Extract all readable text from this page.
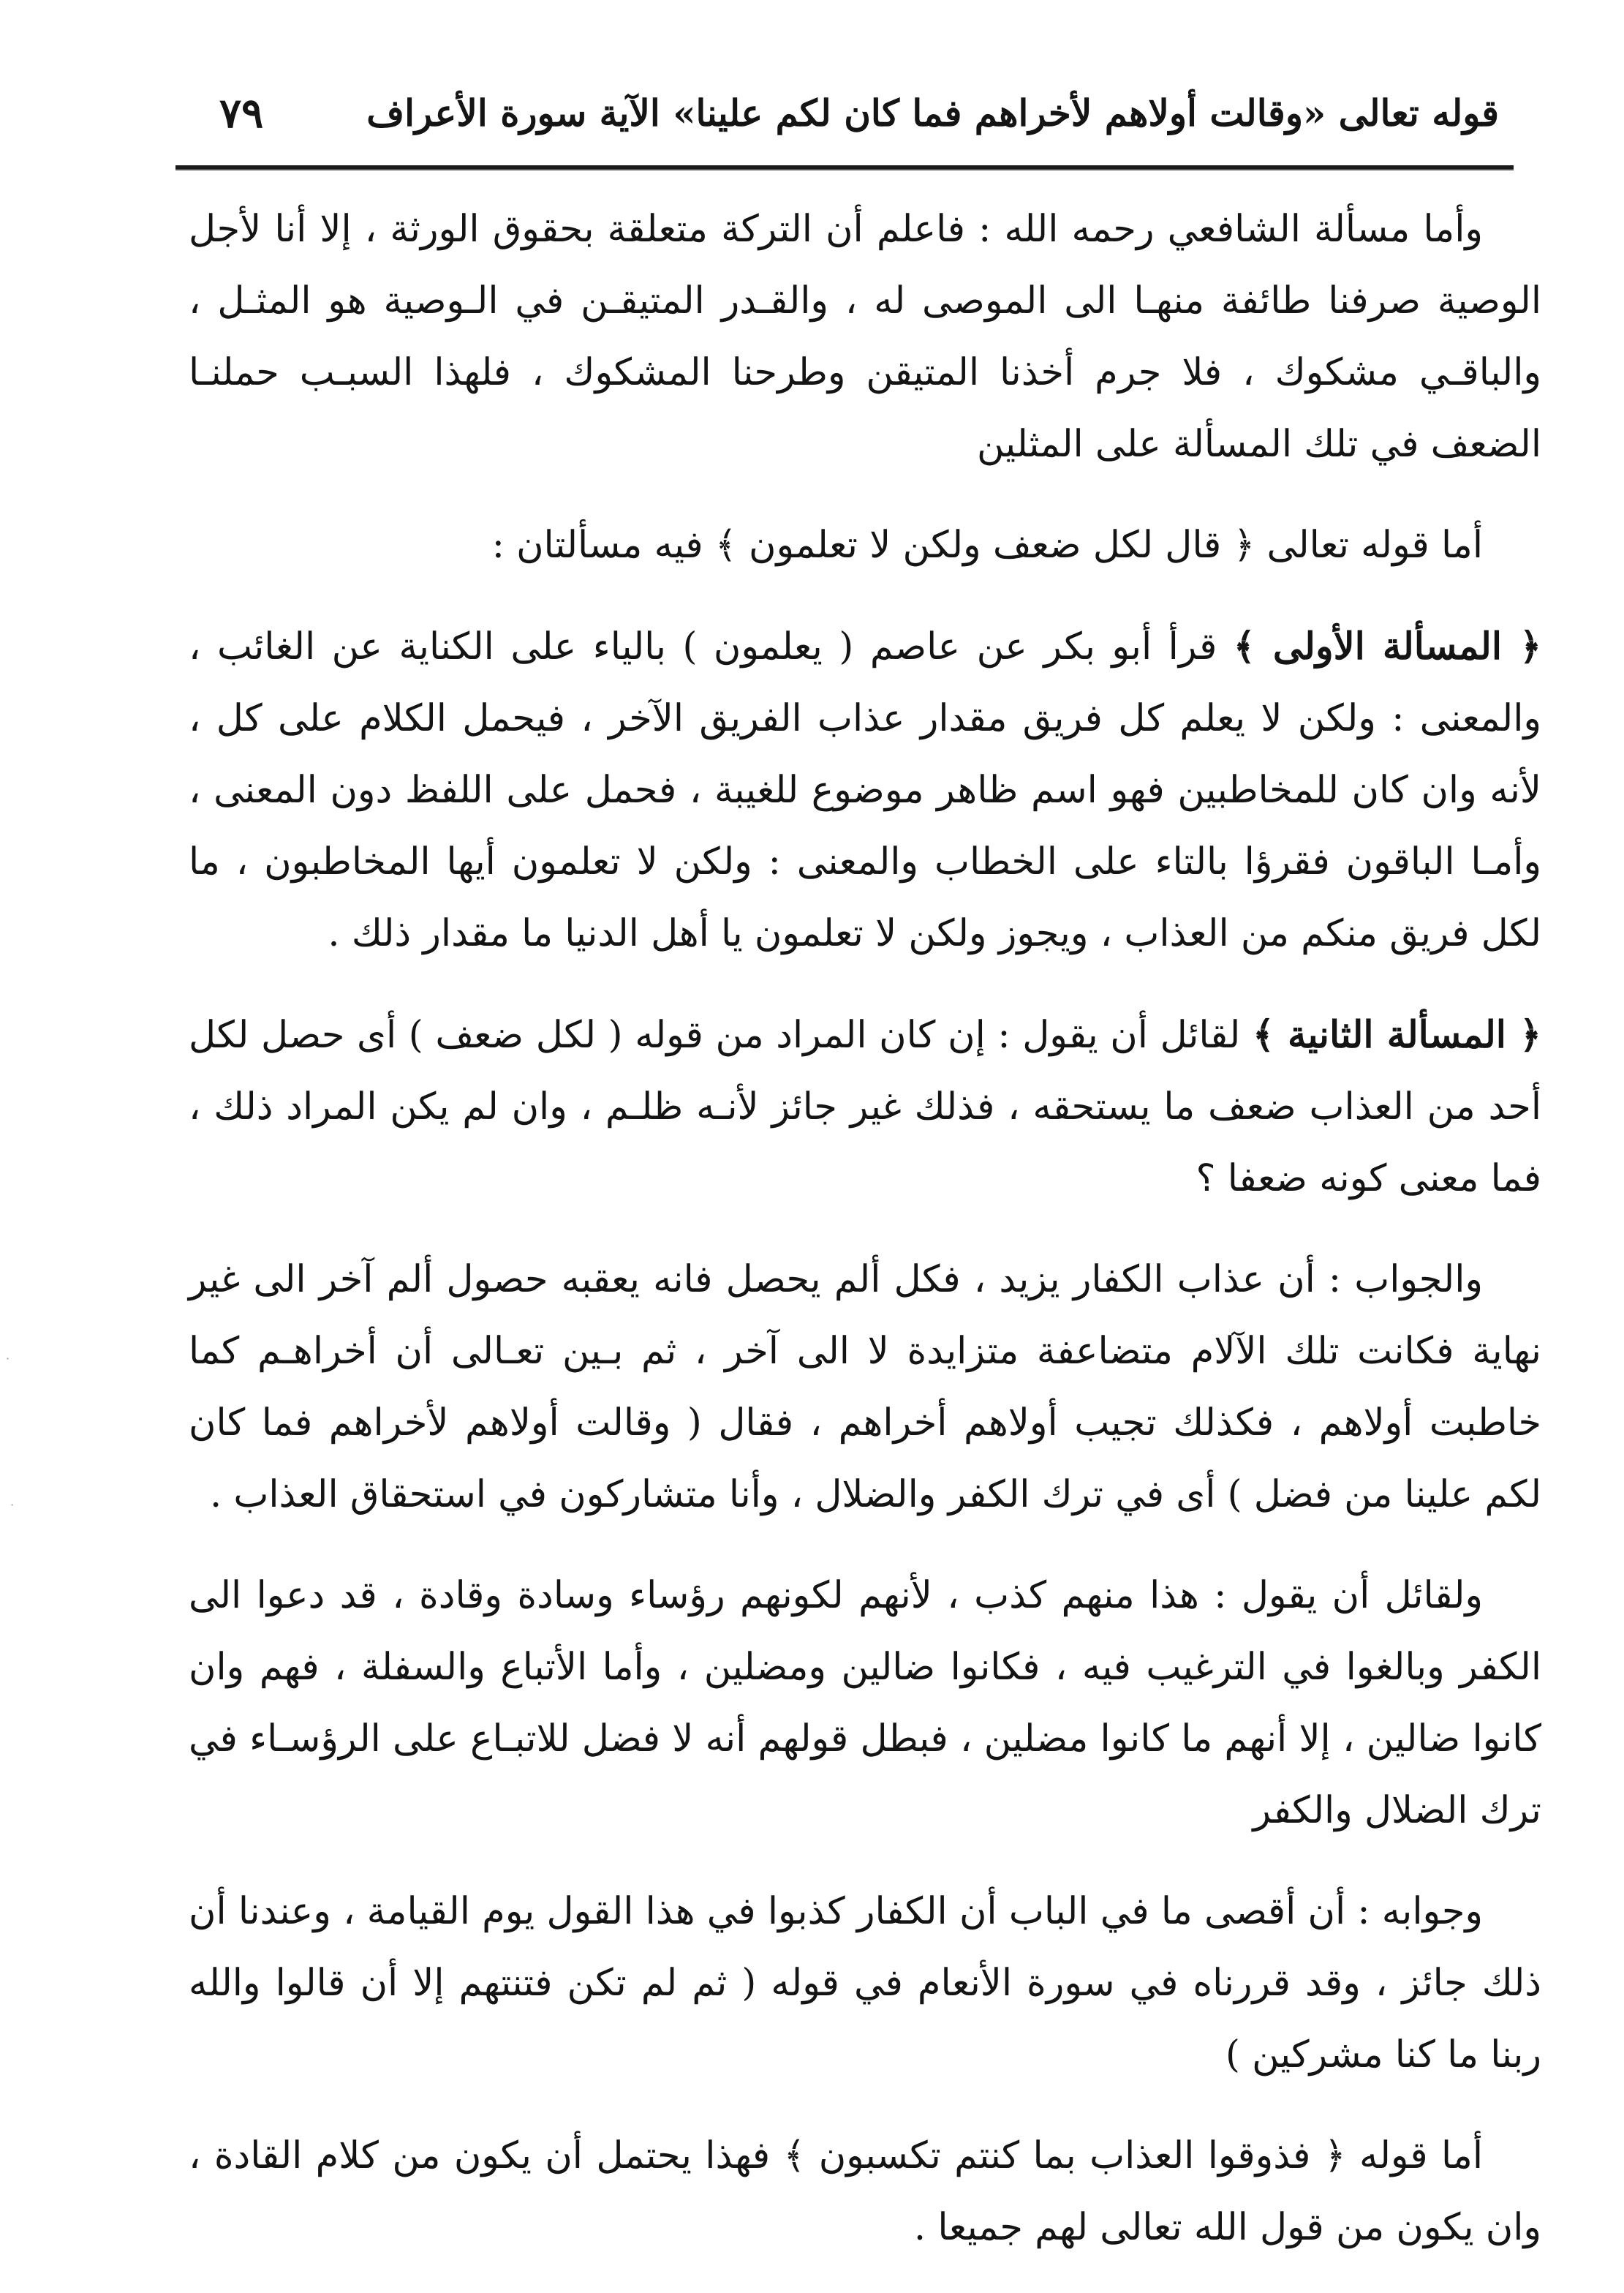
قوله تعالى «وقالت أولاهم لأخراهم فما كان لكم علينا» الآية سورة الأعراف
٧٩

وأما مسألة الشافعي رحمه الله : فاعلم أن التركة متعلقة بحقوق الورثة ، إلا أنا لأجل الوصية صرفنا طائفة منهـا الى الموصى له ، والقـدر المتيقـن في الـوصية هو المثـل ، والباقـي مشكوك ، فلا جرم أخذنا المتيقن وطرحنا المشكوك ، فلهذا السبـب حملنـا الضعف في تلك المسألة على المثلين

أما قوله تعالى ﴿ قال لكل ضعف ولكن لا تعلمون ﴾ فيه مسألتان :

﴿ المسألة الأولى ﴾ قرأ أبو بكر عن عاصم ( يعلمون ) بالياء على الكناية عن الغائب ، والمعنى : ولكن لا يعلم كل فريق مقدار عذاب الفريق الآخر ، فيحمل الكلام على كل ، لأنه وان كان للمخاطبين فهو اسم ظاهر موضوع للغيبة ، فحمل على اللفظ دون المعنى ، وأمـا الباقون فقرؤا بالتاء على الخطاب والمعنى : ولكن لا تعلمون أيها المخاطبون ، ما لكل فريق منكم من العذاب ، ويجوز ولكن لا تعلمون يا أهل الدنيا ما مقدار ذلك .

﴿ المسألة الثانية ﴾ لقائل أن يقول : إن كان المراد من قوله ( لكل ضعف ) أى حصل لكل أحد من العذاب ضعف ما يستحقه ، فذلك غير جائز لأنـه ظلـم ، وان لم يكن المراد ذلك ، فما معنى كونه ضعفا ؟

والجواب : أن عذاب الكفار يزيد ، فكل ألم يحصل فانه يعقبه حصول ألم آخر الى غير نهاية فكانت تلك الآلام متضاعفة متزايدة لا الى آخر ، ثم بـين تعـالى أن أخراهـم كما خاطبت أولاهم ، فكذلك تجيب أولاهم أخراهم ، فقال ( وقالت أولاهم لأخراهم فما كان لكم علينا من فضل ) أى في ترك الكفر والضلال ، وأنا متشاركون في استحقاق العذاب .

ولقائل أن يقول : هذا منهم كذب ، لأنهم لكونهم رؤساء وسادة وقادة ، قد دعوا الى الكفر وبالغوا في الترغيب فيه ، فكانوا ضالين ومضلين ، وأما الأتباع والسفلة ، فهم وان كانوا ضالين ، إلا أنهم ما كانوا مضلين ، فبطل قولهم أنه لا فضل للاتبـاع على الرؤسـاء في ترك الضلال والكفر

وجوابه : أن أقصى ما في الباب أن الكفار كذبوا في هذا القول يوم القيامة ، وعندنا أن ذلك جائز ، وقد قررناه في سورة الأنعام في قوله ( ثم لم تكن فتنتهم إلا أن قالوا والله ربنا ما كنا مشركين )

أما قوله ﴿ فذوقوا العذاب بما كنتم تكسبون ﴾ فهذا يحتمل أن يكون من كلام القادة ، وان يكون من قول الله تعالى لهم جميعا .

·
·
